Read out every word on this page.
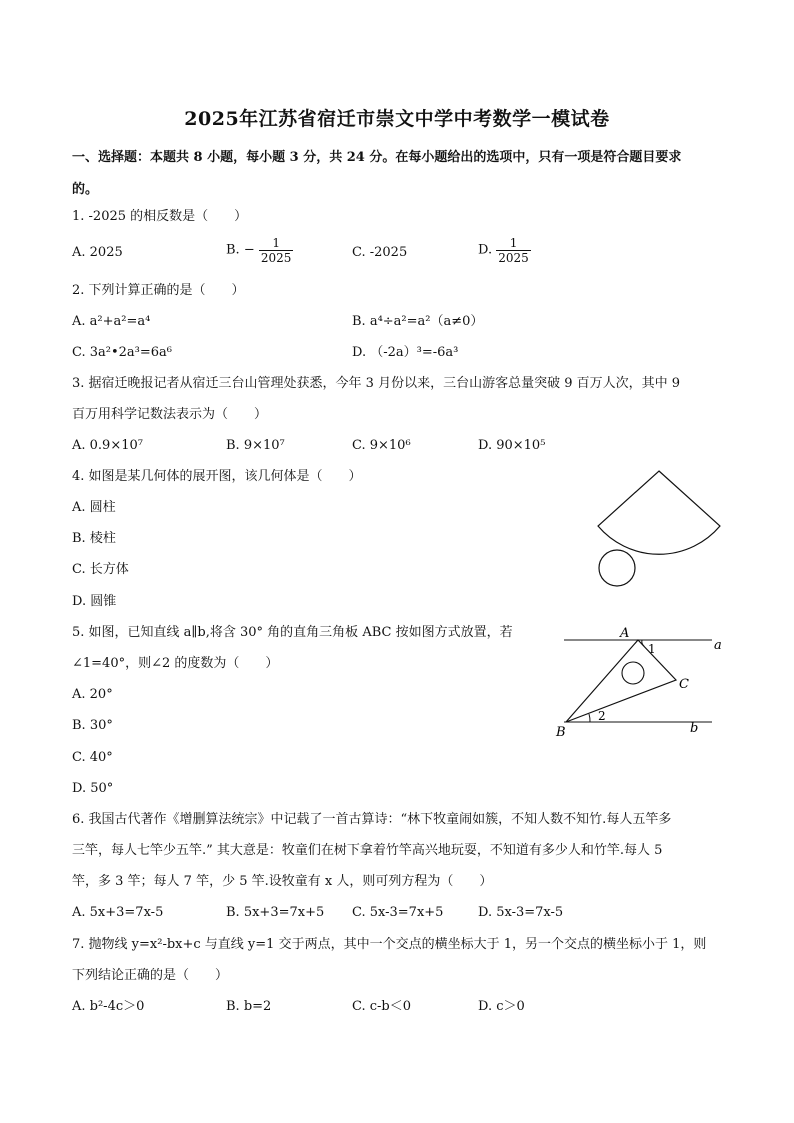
2025年江苏省宿迁市崇文中学中考数学一模试卷
一、选择题：本题共 8 小题，每小题 3 分，共 24 分。在每小题给出的选项中，只有一项是符合题目要求
的。
1. -2025 的相反数是（　　）
A. 2025	B. − $\frac{1}{2025}$	C. -2025	D. $\frac{1}{2025}$
2. 下列计算正确的是（　　）
A. a²+a²=a⁴	B. a⁴÷a²=a²（a≠0）
C. 3a²•2a³=6a⁶	D. （-2a）³=-6a³
3. 据宿迁晚报记者从宿迁三台山管理处获悉，今年 3 月份以来，三台山游客总量突破 9 百万人次，其中 9
百万用科学记数法表示为（　　）
A. 0.9×10⁷	B. 9×10⁷	C. 9×10⁶	D. 90×10⁵
4. 如图是某几何体的展开图，该几何体是（　　）
A. 圆柱
B. 棱柱
C. 长方体
D. 圆锥
5. 如图，已知直线 a∥b,将含 30° 角的直角三角板 ABC 按如图方式放置，若
∠1=40°，则∠2 的度数为（　　）
A. 20°
B. 30°
C. 40°
D. 50°
A
B
C
a
b
1
2
6. 我国古代著作《增删算法统宗》中记载了一首古算诗：“林下牧童闹如簇，不知人数不知竹.每人五竿多
三竿，每人七竿少五竿.” 其大意是：牧童们在树下拿着竹竿高兴地玩耍，不知道有多少人和竹竿.每人 5
竿，多 3 竿；每人 7 竿，少 5 竿.设牧童有 x 人，则可列方程为（　　）
A. 5x+3=7x-5	B. 5x+3=7x+5 C. 5x-3=7x+5	D. 5x-3=7x-5
7. 抛物线 y=x²-bx+c 与直线 y=1 交于两点，其中一个交点的横坐标大于 1，另一个交点的横坐标小于 1，则
下列结论正确的是（　　）
A. b²-4c＞0	B. b=2	C. c-b＜0	D. c＞0
